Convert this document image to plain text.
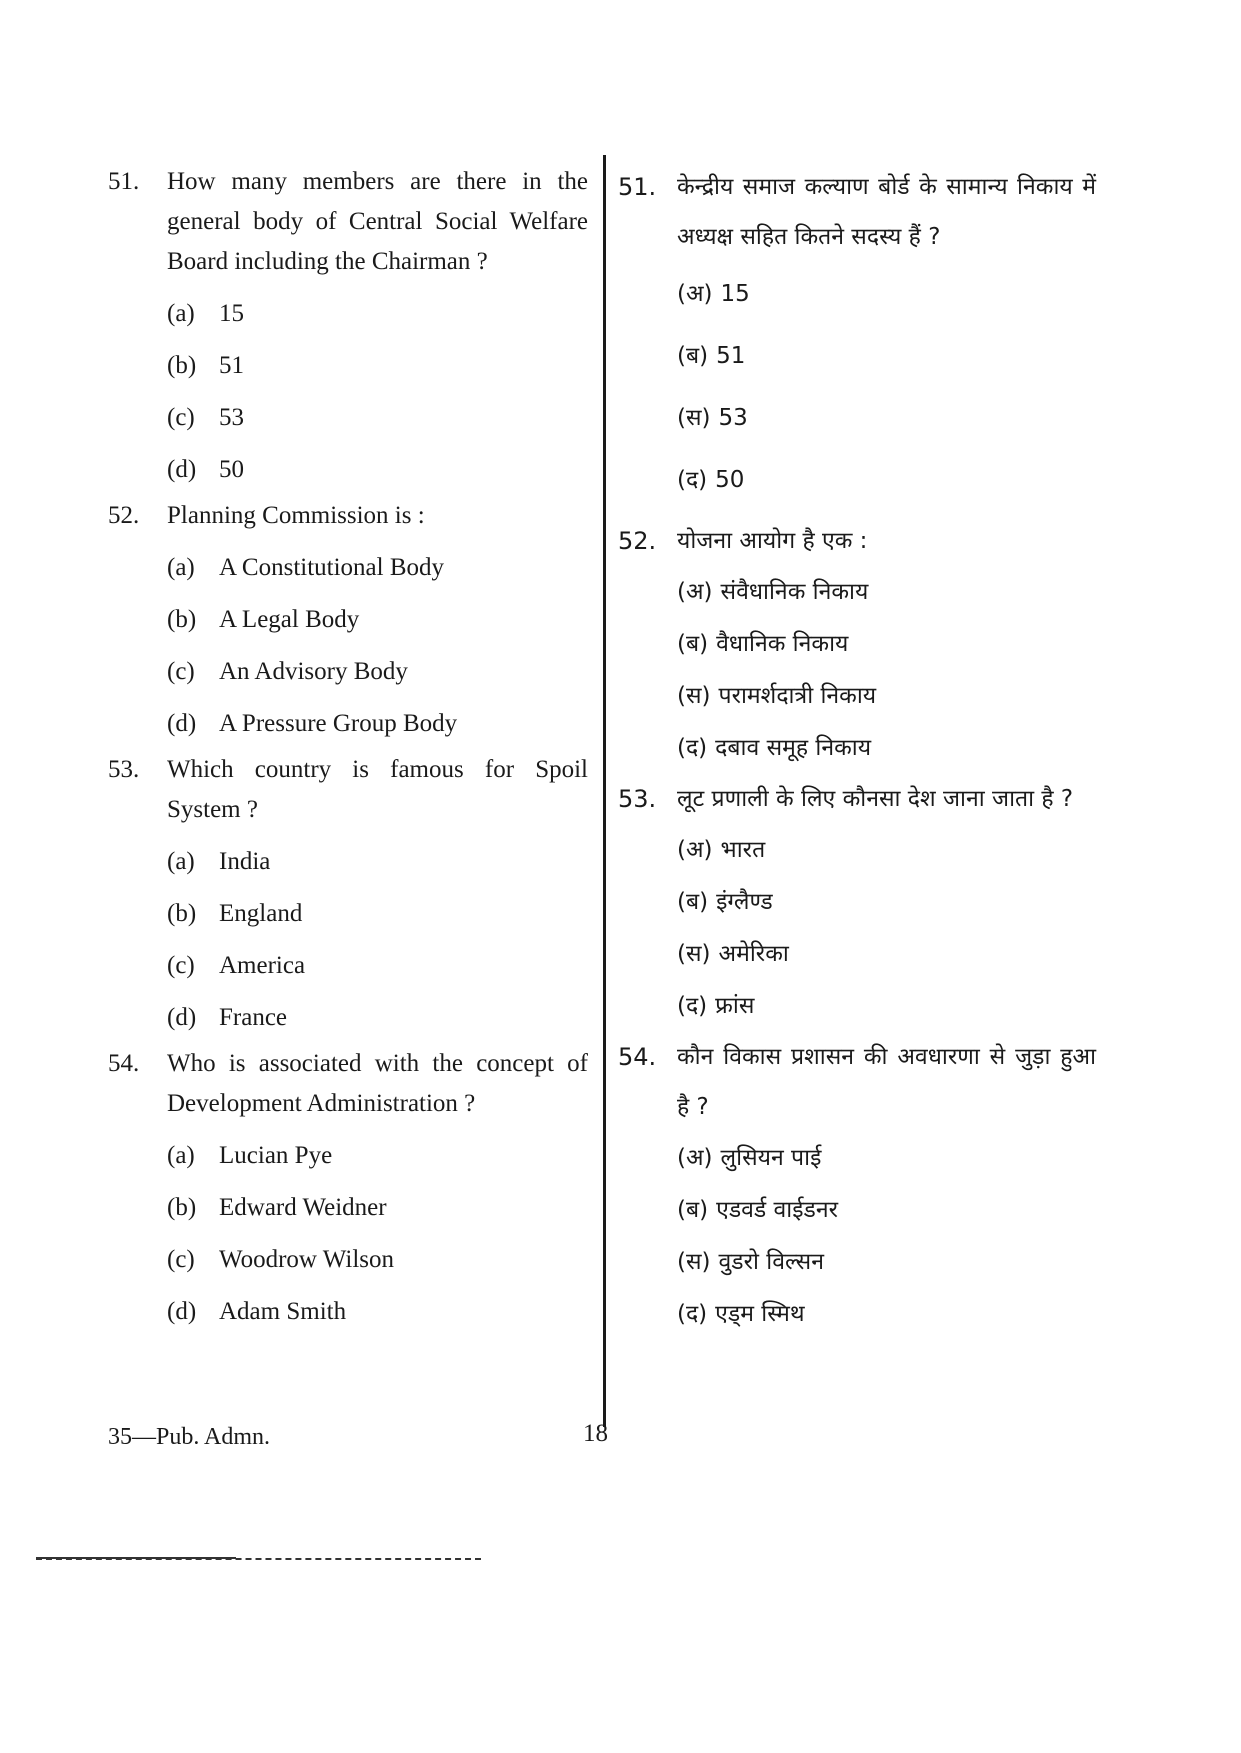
51.	How many members are there in the general body of Central Social Welfare Board including the Chairman ?
(a) 15
(b) 51
(c) 53
(d) 50
52.	Planning Commission is :
(a) A Constitutional Body
(b) A Legal Body
(c) An Advisory Body
(d) A Pressure Group Body
53.	Which country is famous for Spoil System ?
(a) India
(b) England
(c) America
(d) France
54.	Who is associated with the concept of Development Administration ?
(a) Lucian Pye
(b) Edward Weidner
(c) Woodrow Wilson
(d) Adam Smith
51. केन्द्रीय समाज कल्याण बोर्ड के सामान्य निकाय में अध्यक्ष सहित कितने सदस्य हैं ?
(अ) 15
(ब) 51
(स) 53
(द) 50
52. योजना आयोग है एक :
(अ) संवैधानिक निकाय
(ब) वैधानिक निकाय
(स) परामर्शदात्री निकाय
(द) दबाव समूह निकाय
53. लूट प्रणाली के लिए कौनसा देश जाना जाता है ?
(अ) भारत
(ब) इंग्लैण्ड
(स) अमेरिका
(द) फ्रांस
54. कौन विकास प्रशासन की अवधारणा से जुड़ा हुआ है ?
(अ) लुसियन पाई
(ब) एडवर्ड वाईडनर
(स) वुडरो विल्सन
(द) एड्म स्मिथ
35—Pub. Admn.	18
